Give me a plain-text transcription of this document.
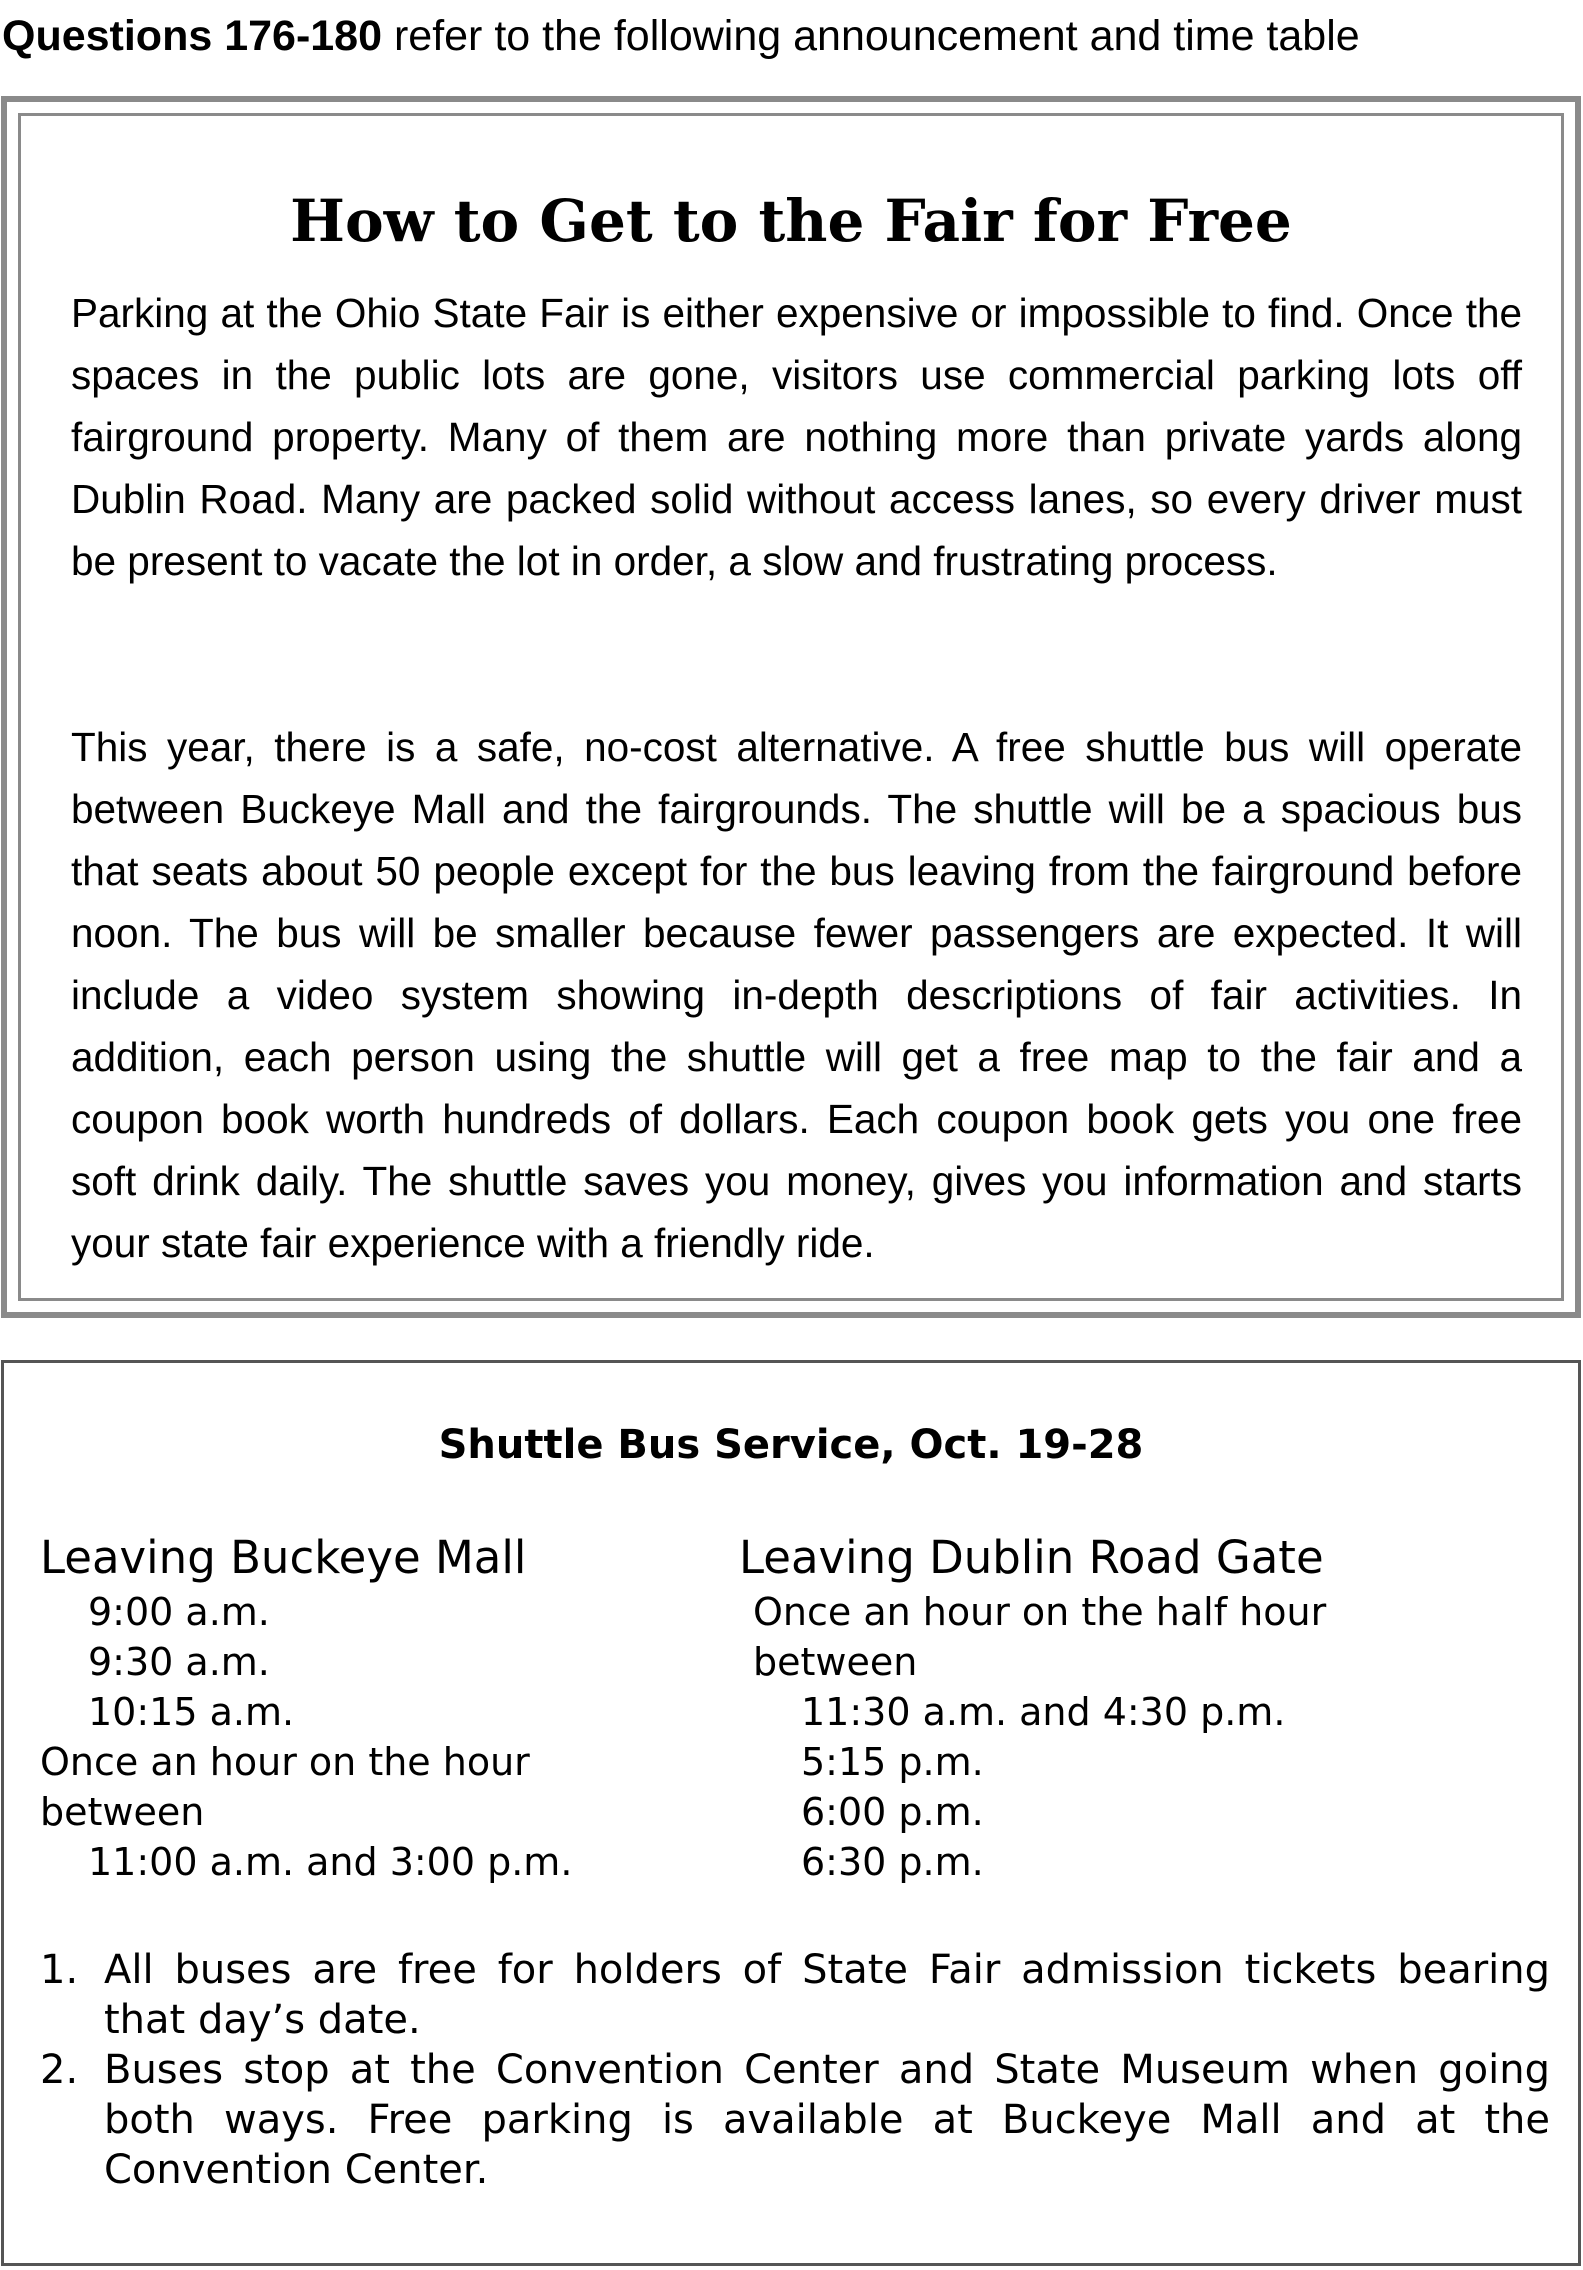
Questions 176-180 refer to the following announcement and time table
How to Get to the Fair for Free

Parking at the Ohio State Fair is either expensive or impossible to find. Once the spaces in the public lots are gone, visitors use commercial parking lots off fairground property. Many of them are nothing more than private yards along Dublin Road. Many are packed solid without access lanes, so every driver must be present to vacate the lot in order, a slow and frustrating process.

This year, there is a safe, no-cost alternative. A free shuttle bus will operate between Buckeye Mall and the fairgrounds. The shuttle will be a spacious bus that seats about 50 people except for the bus leaving from the fairground before noon. The bus will be smaller because fewer passengers are expected. It will include a video system showing in-depth descriptions of fair activities. In addition, each person using the shuttle will get a free map to the fair and a coupon book worth hundreds of dollars. Each coupon book gets you one free soft drink daily. The shuttle saves you money, gives you information and starts your state fair experience with a friendly ride.

Shuttle Bus Service, Oct. 19-28
Leaving Buckeye Mall
9:00 a.m.
9:30 a.m.
10:15 a.m.
Once an hour on the hour
between
11:00 a.m. and 3:00 p.m.
Leaving Dublin Road Gate
Once an hour on the half hour
between
11:30 a.m. and 4:30 p.m.
5:15 p.m.
6:00 p.m.
6:30 p.m.
1. All buses are free for holders of State Fair admission tickets bearing that day’s date.
2. Buses stop at the Convention Center and State Museum when going both ways. Free parking is available at Buckeye Mall and at the Convention Center.
